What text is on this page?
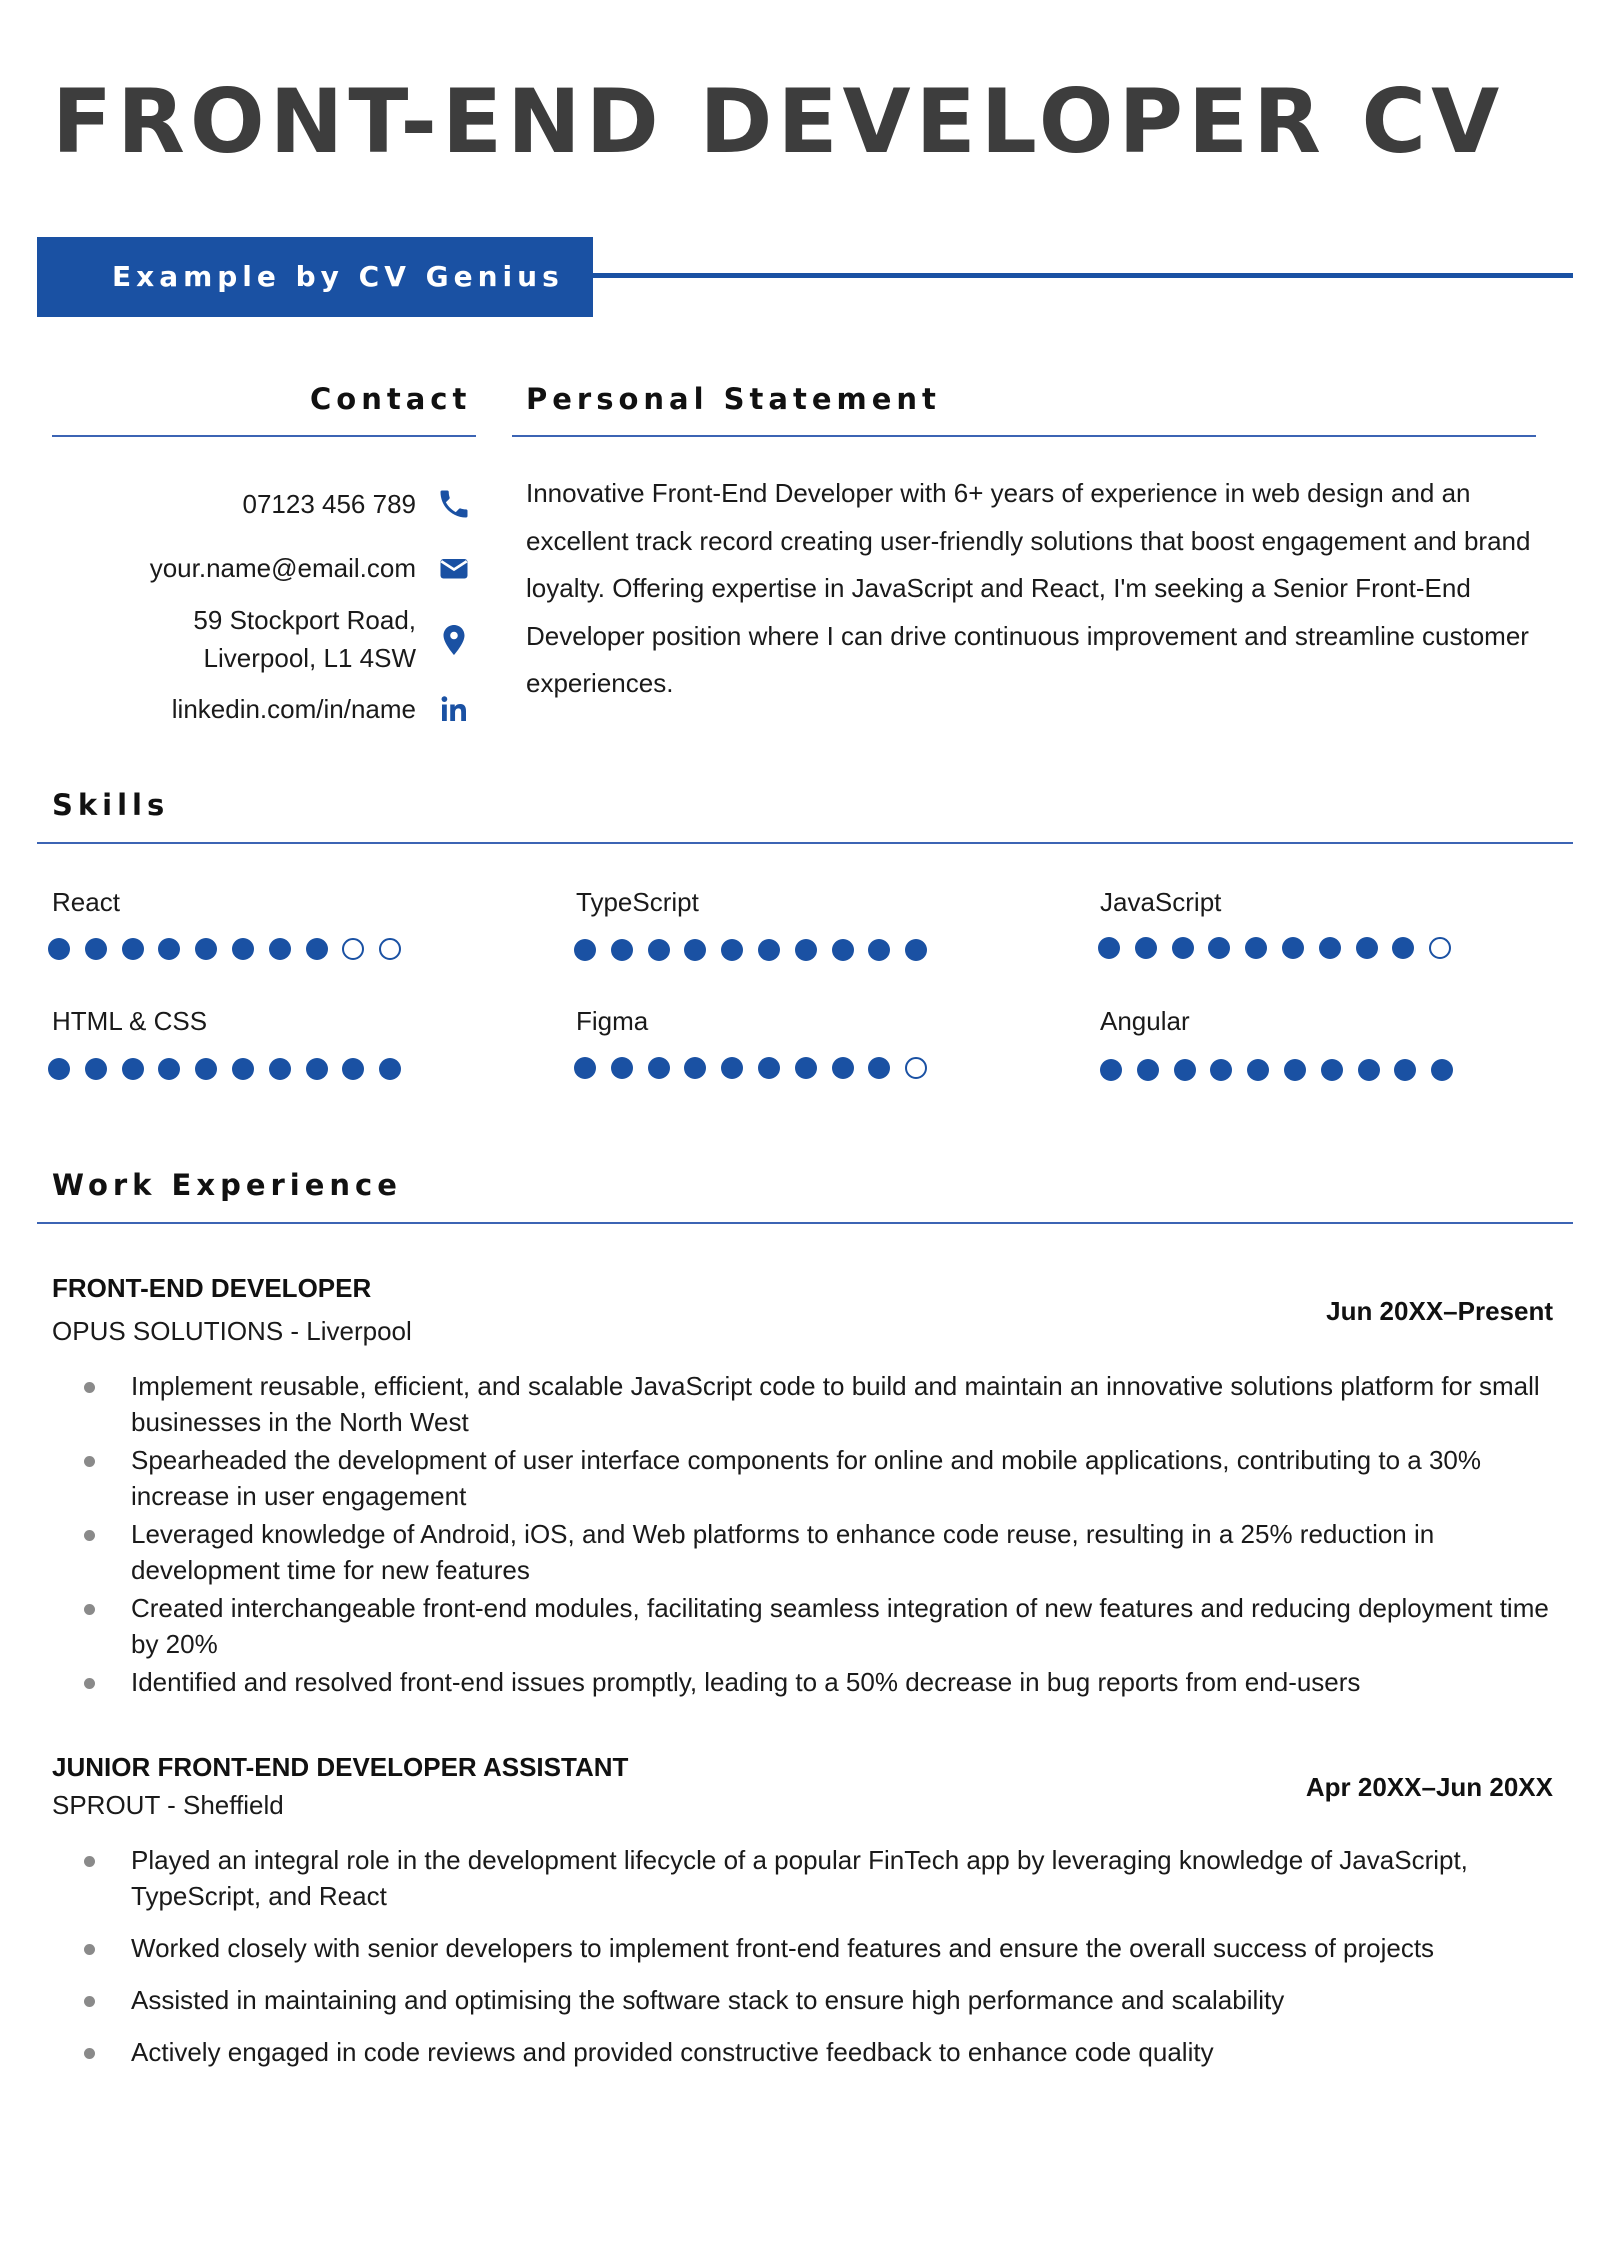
FRONT-END DEVELOPER CV
Example by CV Genius
Contact
07123 456 789
your.name@email.com
59 Stockport Road,
Liverpool, L1 4SW
linkedin.com/in/name
Personal Statement

Innovative Front-End Developer with 6+ years of experience in web design and an excellent track record creating user-friendly solutions that boost engagement and brand loyalty. Offering expertise in JavaScript and React, I'm seeking a Senior Front-End Developer position where I can drive continuous improvement and streamline customer experiences.

Skills
React	TypeScript	JavaScript
HTML & CSS	Figma	Angular
Work Experience
FRONT-END DEVELOPER
OPUS SOLUTIONS - Liverpool
Jun 20XX–Present
Implement reusable, efficient, and scalable JavaScript code to build and maintain an innovative solutions platform for small businesses in the North West
Spearheaded the development of user interface components for online and mobile applications, contributing to a 30% increase in user engagement
Leveraged knowledge of Android, iOS, and Web platforms to enhance code reuse, resulting in a 25% reduction in development time for new features
Created interchangeable front-end modules, facilitating seamless integration of new features and reducing deployment time by 20%
Identified and resolved front-end issues promptly, leading to a 50% decrease in bug reports from end-users
JUNIOR FRONT-END DEVELOPER ASSISTANT
SPROUT - Sheffield
Apr 20XX–Jun 20XX
Played an integral role in the development lifecycle of a popular FinTech app by leveraging knowledge of JavaScript, TypeScript, and React
Worked closely with senior developers to implement front-end features and ensure the overall success of projects
Assisted in maintaining and optimising the software stack to ensure high performance and scalability
Actively engaged in code reviews and provided constructive feedback to enhance code quality
